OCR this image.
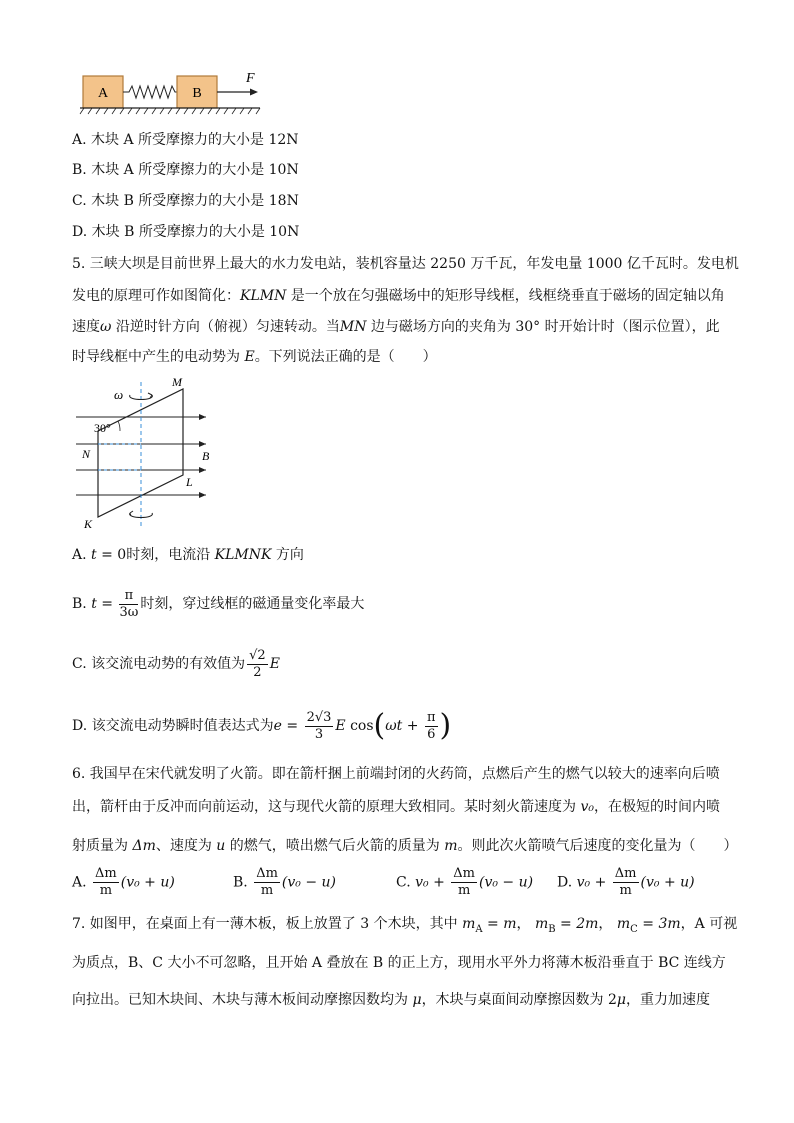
A	B
F
A. 木块 A 所受摩擦力的大小是 12N
B. 木块 A 所受摩擦力的大小是 10N
C. 木块 B 所受摩擦力的大小是 18N
D. 木块 B 所受摩擦力的大小是 10N
5. 三峡大坝是目前世界上最大的水力发电站，装机容量达 2250 万千瓦，年发电量 1000 亿千瓦时。发电机
发电的原理可作如图简化：KLMN 是一个放在匀强磁场中的矩形导线框，线框绕垂直于磁场的固定轴以角
速度ω 沿逆时针方向（俯视）匀速转动。当MN 边与磁场方向的夹角为 30° 时开始计时（图示位置），此
时导线框中产生的电动势为 E。下列说法正确的是（　　）
ω
30°
M
N	B
L
K
A. t = 0时刻，电流沿 KLMNK 方向
B. $t = \frac{\pi}{3\omega}$ 时刻，穿过线框的磁通量变化率最大
C. 该交流电动势的有效值为 $\frac{√2}{2}$ E
D. 该交流电动势瞬时值表达式为$e = \frac{2√3}{3}$ E $\cos(\omega t + \frac{\pi}{6}$ )
6. 我国早在宋代就发明了火箭。即在箭杆捆上前端封闭的火药筒，点燃后产生的燃气以较大的速率向后喷
出，箭杆由于反冲而向前运动，这与现代火箭的原理大致相同。某时刻火箭速度为 v₀，在极短的时间内喷
射质量为 Δm、速度为 u 的燃气，喷出燃气后火箭的质量为 m。则此次火箭喷气后速度的变化量为（　　）
A. $\frac{\Delta m}{m} (v_0 + u)$	B. $\frac{\Delta m}{m} (v_0 - u)$	C. $v_0 + \frac{\Delta m}{m} (v_0 - u)$ D. $v_0 + \frac{\Delta m}{m} (v_0 + u)$
7. 如图甲，在桌面上有一薄木板，板上放置了 3 个木块，其中 $m_A = m$， $m_B = 2m$， $m_C = 3m$，A 可视
为质点，B、C 大小不可忽略，且开始 A 叠放在 B 的正上方，现用水平外力将薄木板沿垂直于 BC 连线方
向拉出。已知木块间、木块与薄木板间动摩擦因数均为 μ，木块与桌面间动摩擦因数为 2μ，重力加速度
